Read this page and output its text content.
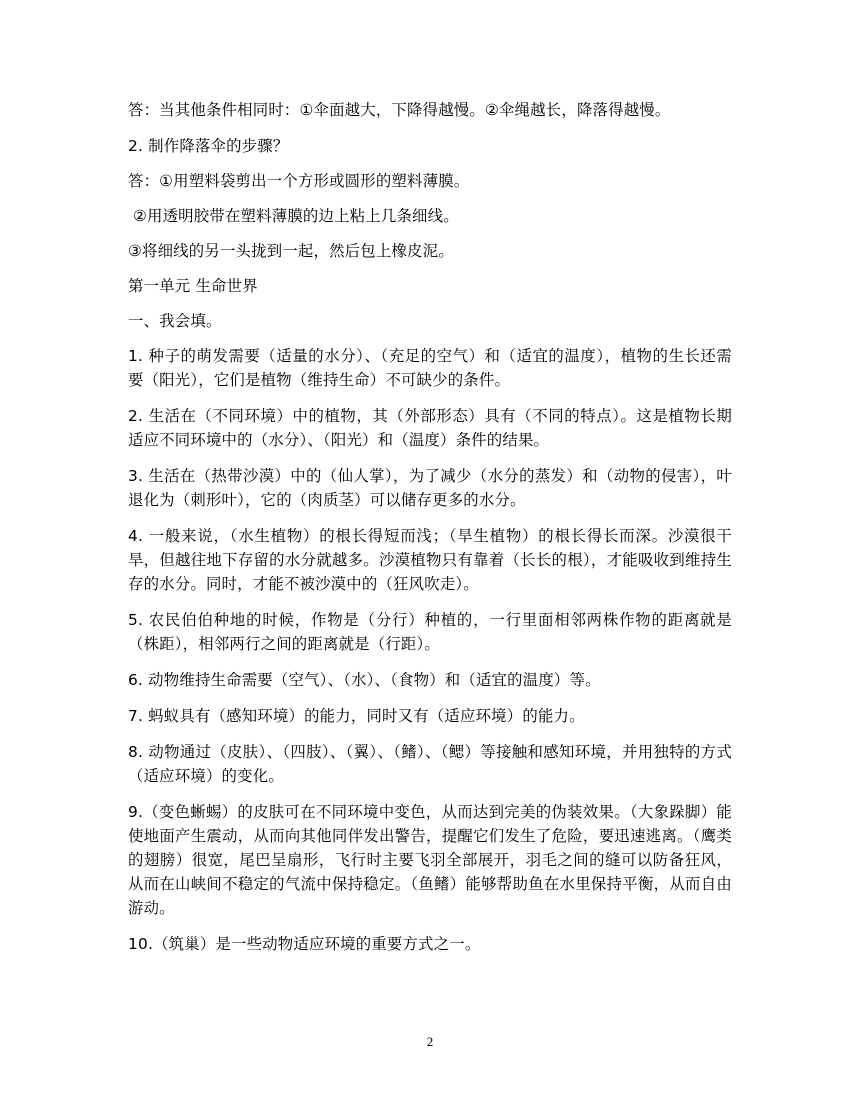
答：当其他条件相同时：①伞面越大，下降得越慢。②伞绳越长，降落得越慢。

2. 制作降落伞的步骤？

答：①用塑料袋剪出一个方形或圆形的塑料薄膜。

②用透明胶带在塑料薄膜的边上粘上几条细线。

③将细线的另一头拢到一起，然后包上橡皮泥。

第一单元 生命世界

一、我会填。

1. 种子的萌发需要（适量的水分）、（充足的空气）和（适宜的温度），植物的生长还需要（阳光），它们是植物（维持生命）不可缺少的条件。

2. 生活在（不同环境）中的植物，其（外部形态）具有（不同的特点）。这是植物长期适应不同环境中的（水分）、（阳光）和（温度）条件的结果。

3. 生活在（热带沙漠）中的（仙人掌），为了减少（水分的蒸发）和（动物的侵害），叶退化为（刺形叶），它的（肉质茎）可以储存更多的水分。

4. 一般来说，（水生植物）的根长得短而浅；（旱生植物）的根长得长而深。沙漠很干旱，但越往地下存留的水分就越多。沙漠植物只有靠着（长长的根），才能吸收到维持生存的水分。同时，才能不被沙漠中的（狂风吹走）。

5. 农民伯伯种地的时候，作物是（分行）种植的，一行里面相邻两株作物的距离就是（株距），相邻两行之间的距离就是（行距）。

6. 动物维持生命需要（空气）、（水）、（食物）和（适宜的温度）等。

7. 蚂蚁具有（感知环境）的能力，同时又有（适应环境）的能力。

8. 动物通过（皮肤）、（四肢）、（翼）、（鳍）、（鳃）等接触和感知环境，并用独特的方式（适应环境）的变化。

9.（变色蜥蜴）的皮肤可在不同环境中变色，从而达到完美的伪装效果。（大象跺脚）能使地面产生震动，从而向其他同伴发出警告，提醒它们发生了危险，要迅速逃离。（鹰类的翅膀）很宽，尾巴呈扇形，飞行时主要飞羽全部展开，羽毛之间的缝可以防备狂风，从而在山峡间不稳定的气流中保持稳定。（鱼鳍）能够帮助鱼在水里保持平衡，从而自由游动。

10.（筑巢）是一些动物适应环境的重要方式之一。

2
